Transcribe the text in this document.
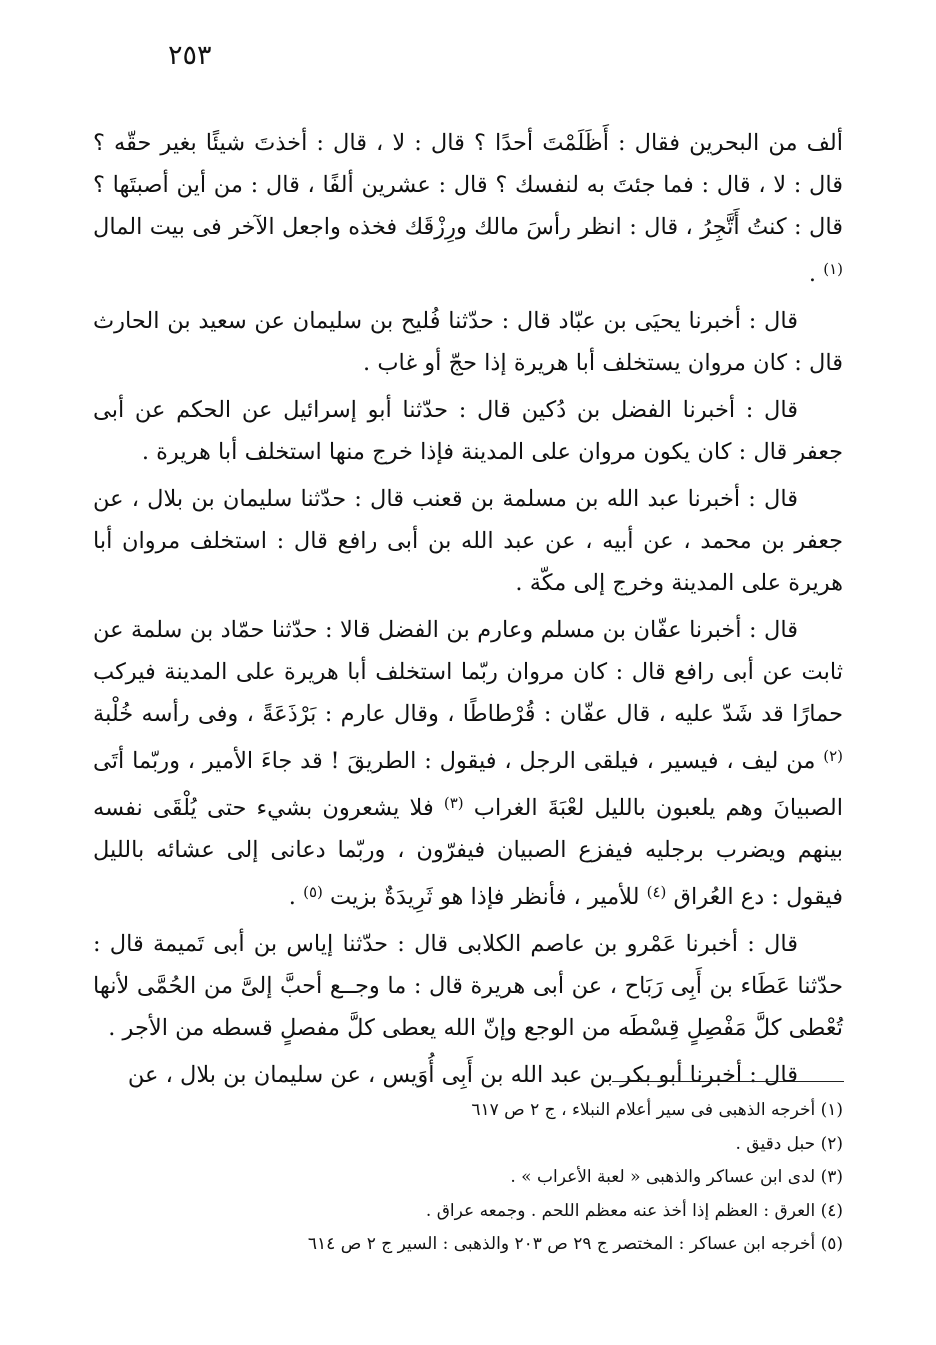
٢٥٣

ألف من البحرين فقال : أَظَلَمْتَ أحدًا ؟ قال : لا ، قال : أخذتَ شيئًا بغير حقّه ؟ قال : لا ، قال : فما جئتَ به لنفسك ؟ قال : عشرين ألفًا ، قال : من أين أصبتَها ؟ قال : كنتُ أَتَّجِرُ ، قال : انظر رأسَ مالك ورِزْقَك فخذه واجعل الآخر فى بيت المال $^{(١)}$ .

قال : أخبرنا يحيَى بن عبّاد قال : حدّثنا فُليح بن سليمان عن سعيد بن الحارث قال : كان مروان يستخلف أبا هريرة إذا حجّ أو غاب .

قال : أخبرنا الفضل بن دُكين قال : حدّثنا أبو إسرائيل عن الحكم عن أبى جعفر قال : كان يكون مروان على المدينة فإذا خرج منها استخلف أبا هريرة .

قال : أخبرنا عبد الله بن مسلمة بن قعنب قال : حدّثنا سليمان بن بلال ، عن جعفر بن محمد ، عن أبيه ، عن عبد الله بن أبى رافع قال : استخلف مروان أبا هريرة على المدينة وخرج إلى مكّة .

قال : أخبرنا عفّان بن مسلم وعارم بن الفضل قالا : حدّثنا حمّاد بن سلمة عن ثابت عن أبى رافع قال : كان مروان ربّما استخلف أبا هريرة على المدينة فيركب حمارًا قد شَدّ عليه ، قال عفّان : قُرْطاطًا ، وقال عارم : بَرْذَعَةً ، وفى رأسه خُلْبة $^{(٢)}$ من ليف ، فيسير ، فيلقى الرجل ، فيقول : الطريقَ ! قد جاءَ الأمير ، وربّما أتَى الصبيانَ وهم يلعبون بالليل لعْبَةَ الغراب $^{(٣)}$ فلا يشعرون بشيء حتى يُلْقَى نفسه بينهم ويضرب برجليه فيفزع الصبيان فيفرّون ، وربّما دعانى إلى عشائه بالليل فيقول : دع العُراق $^{(٤)}$ للأمير ، فأنظر فإذا هو ثَرِيدَةٌ بزيت $^{(٥)}$ .

قال : أخبرنا عَمْرو بن عاصم الكلابى قال : حدّثنا إياس بن أبى تَميمة قال : حدّثنا عَطَاء بن أَبِى رَبَاح ، عن أبى هريرة قال : ما وجــع أحبَّ إلىَّ من الحُمَّى لأنها تُعْطى كلَّ مَفْصِلٍ قِسْطَه من الوجع وإنّ الله يعطى كلَّ مفصلٍ قسطه من الأجر .

قال : أخبرنا أبو بكر بن عبد الله بن أَبِى أُوَيس ، عن سليمان بن بلال ، عن

(١) أخرجه الذهبى فى سير أعلام النبلاء ، ج ٢ ص ٦١٧

(٢) حبل دقيق .

(٣) لدى ابن عساكر والذهبى « لعبة الأعراب » .

(٤) العرق : العظم إذا أخذ عنه معظم اللحم . وجمعه عراق .

(٥) أخرجه ابن عساكر : المختصر ج ٢٩ ص ٢٠٣ والذهبى : السير ج ٢ ص ٦١٤
